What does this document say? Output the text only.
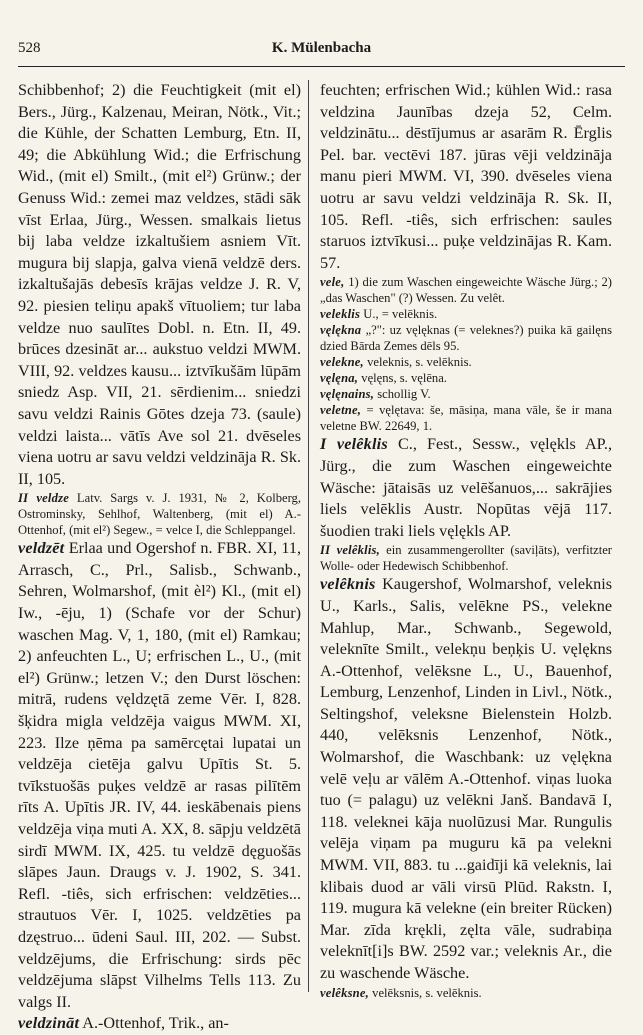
528	K. Mülenbacha

Schibbenhof; 2) die Feuchtigkeit (mit el) Bers., Jürg., Kalzenau, Meiran, Nötk., Vit.; die Kühle, der Schatten Lemburg, Etn. II, 49; die Abkühlung Wid.; die Erfrischung Wid., (mit el) Smilt., (mit el²) Grünw.; der Genuss Wid.: zemei maz veldzes, stādi sāk vīst Erlaa, Jürg., Wessen. smalkais lietus bij laba veldze izkaltušiem asniem Vīt. mugura bij slapja, galva vienā veldzē ders. izkaltušajās debesīs krājas veldze J. R. V, 92. piesien teliņu apakš vītuoliem; tur laba veldze nuo saulītes Dobl. n. Etn. II, 49. brūces dzesināt ar... aukstuo veldzi MWM. VIII, 92. veldzes kausu... iztvīkušām lūpām sniedz Asp. VII, 21. sērdienim... sniedzi savu veldzi Rainis Gōtes dzeja 73. (saule) veldzi laista... vātīs Ave sol 21. dvēseles viena uotru ar savu veldzi veldzināja R. Sk. II, 105.

II veldze Latv. Sargs v. J. 1931, № 2, Kolberg, Ostrominsky, Sehlhof, Waltenberg, (mit el) A.-Ottenhof, (mit el²) Segew., = velce I, die Schleppangel.

veldzēt Erlaa und Ogershof n. FBR. XI, 11, Arrasch, C., Prl., Salisb., Schwanb., Sehren, Wolmarshof, (mit èl²) Kl., (mit el) Iw., -ēju, 1) (Schafe vor der Schur) waschen Mag. V, 1, 180, (mit el) Ramkau; 2) anfeuchten L., U; erfrischen L., U., (mit el²) Grünw.; letzen V.; den Durst löschen: mitrā, rudens vęldzętā zeme Vēr. I, 828. šķidra migla veldzēja vaigus MWM. XI, 223. Ilze ņēma pa samērcętai lupatai un veldzēja cietēja galvu Upītis St. 5. tvīkstuošās puķes veldzē ar rasas pilītēm rīts A. Upītis JR. IV, 44. ieskābenais piens veldzēja viņa muti A. XX, 8. sāpju veldzētā sirdī MWM. IX, 425. tu veldzē dęguošās slāpes Jaun. Draugs v. J. 1902, S. 341. Refl. -tiês, sich erfrischen: veldzēties... strautuos Vēr. I, 1025. veldzēties pa dzęstruo... ūdeni Saul. III, 202. — Subst. veldzējums, die Erfrischung: sirds pēc veldzējuma slāpst Vilhelms Tells 113. Zu valgs II.

veldzināt A.-Ottenhof, Trik., an-

feuchten; erfrischen Wid.; kühlen Wid.: rasa veldzina Jaunības dzeja 52, Celm. veldzinātu... dēstījumus ar asarām R. Ērglis Pel. bar. vectēvi 187. jūras vēji veldzināja manu pieri MWM. VI, 390. dvēseles viena uotru ar savu veldzi veldzināja R. Sk. II, 105. Refl. -tiês, sich erfrischen: saules staruos iztvīkusi... puķe veldzinājas R. Kam. 57.

vele, 1) die zum Waschen eingeweichte Wäsche Jürg.; 2) „das Waschen" (?) Wessen. Zu velêt.

veleklis U., = velēknis.

vęlękna „?": uz vęlęknas (= veleknes?) puika kā gailęns dzied Bārda Zemes dēls 95.

velekne, veleknis, s. velēknis.

vęlęna, vęlęns, s. vęlēna.

vęlęnains, schollig V.

veletne, = vęlętava: še, māsiņa, mana vāle, še ir mana veletne BW. 22649, 1.

I velêklis C., Fest., Sessw., vęlękls AP., Jürg., die zum Waschen eingeweichte Wäsche: jātaisās uz velēšanuos,... sakrājies liels velēklis Austr. Nopūtas vējā 117. šuodien traki liels vęlękls AP.

II velêklis, ein zusammengerollter (saviļāts), verfitzter Wolle- oder Hedewisch Schibbenhof.

velêknis Kaugershof, Wolmarshof, veleknis U., Karls., Salis, velēkne PS., velekne Mahlup, Mar., Schwanb., Segewold, veleknīte Smilt., velekņu beņķis U. vęlękns A.-Ottenhof, velēksne L., U., Bauenhof, Lemburg, Lenzenhof, Linden in Livl., Nötk., Seltingshof, veleksne Bielenstein Holzb. 440, velēksnis Lenzenhof, Nötk., Wolmarshof, die Waschbank: uz vęlękna velē veļu ar vālēm A.-Ottenhof. viņas luoka tuo (= palagu) uz velēkni Janš. Bandavā I, 118. veleknei kāja nuolūzusi Mar. Rungulis velēja viņam pa muguru kā pa velekni MWM. VII, 883. tu ...gaidīji kā veleknis, lai klibais duod ar vāli virsū Plūd. Rakstn. I, 119. mugura kā velekne (ein breiter Rücken) Mar. zīda krękli, zęlta vāle, sudrabiņa veleknīt[i]s BW. 2592 var.; veleknis Ar., die zu waschende Wäsche.

velêksne, velēksnis, s. velēknis.
